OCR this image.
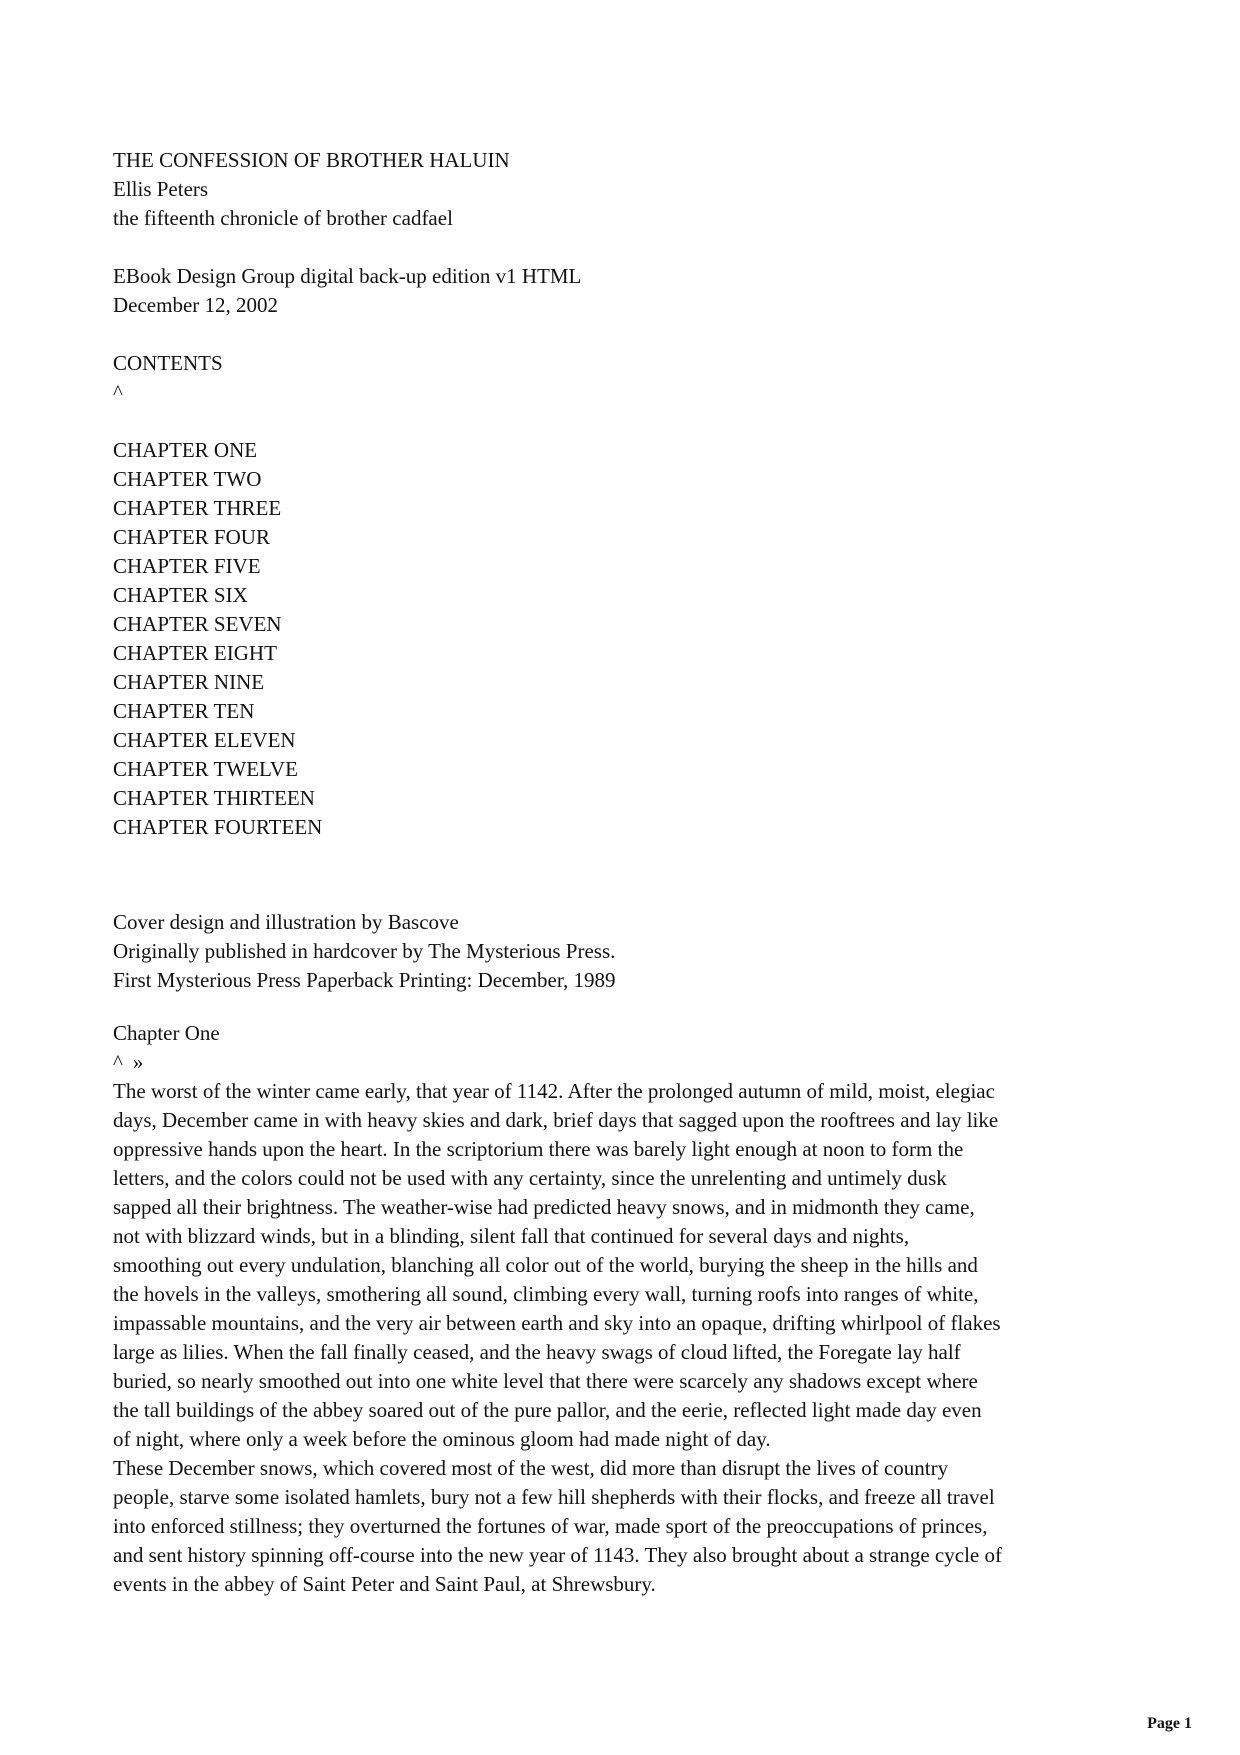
THE CONFESSION OF BROTHER HALUIN
Ellis Peters
the fifteenth chronicle of brother cadfael
EBook Design Group digital back-up edition v1 HTML
December 12, 2002
CONTENTS
^
CHAPTER ONE
CHAPTER TWO
CHAPTER THREE
CHAPTER FOUR
CHAPTER FIVE
CHAPTER SIX
CHAPTER SEVEN
CHAPTER EIGHT
CHAPTER NINE
CHAPTER TEN
CHAPTER ELEVEN
CHAPTER TWELVE
CHAPTER THIRTEEN
CHAPTER FOURTEEN
Cover design and illustration by Bascove
Originally published in hardcover by The Mysterious Press.
First Mysterious Press Paperback Printing: December, 1989
Chapter One
^ »

The worst of the winter came early, that year of 1142. After the prolonged autumn of mild, moist, elegiac days, December came in with heavy skies and dark, brief days that sagged upon the rooftrees and lay like oppressive hands upon the heart. In the scriptorium there was barely light enough at noon to form the letters, and the colors could not be used with any certainty, since the unrelenting and untimely dusk sapped all their brightness. The weather-wise had predicted heavy snows, and in midmonth they came, not with blizzard winds, but in a blinding, silent fall that continued for several days and nights, smoothing out every undulation, blanching all color out of the world, burying the sheep in the hills and the hovels in the valleys, smothering all sound, climbing every wall, turning roofs into ranges of white, impassable mountains, and the very air between earth and sky into an opaque, drifting whirlpool of flakes large as lilies. When the fall finally ceased, and the heavy swags of cloud lifted, the Foregate lay half buried, so nearly smoothed out into one white level that there were scarcely any shadows except where the tall buildings of the abbey soared out of the pure pallor, and the eerie, reflected light made day even of night, where only a week before the ominous gloom had made night of day.

These December snows, which covered most of the west, did more than disrupt the lives of country people, starve some isolated hamlets, bury not a few hill shepherds with their flocks, and freeze all travel into enforced stillness; they overturned the fortunes of war, made sport of the preoccupations of princes, and sent history spinning off-course into the new year of 1143. They also brought about a strange cycle of events in the abbey of Saint Peter and Saint Paul, at Shrewsbury.

Page 1
